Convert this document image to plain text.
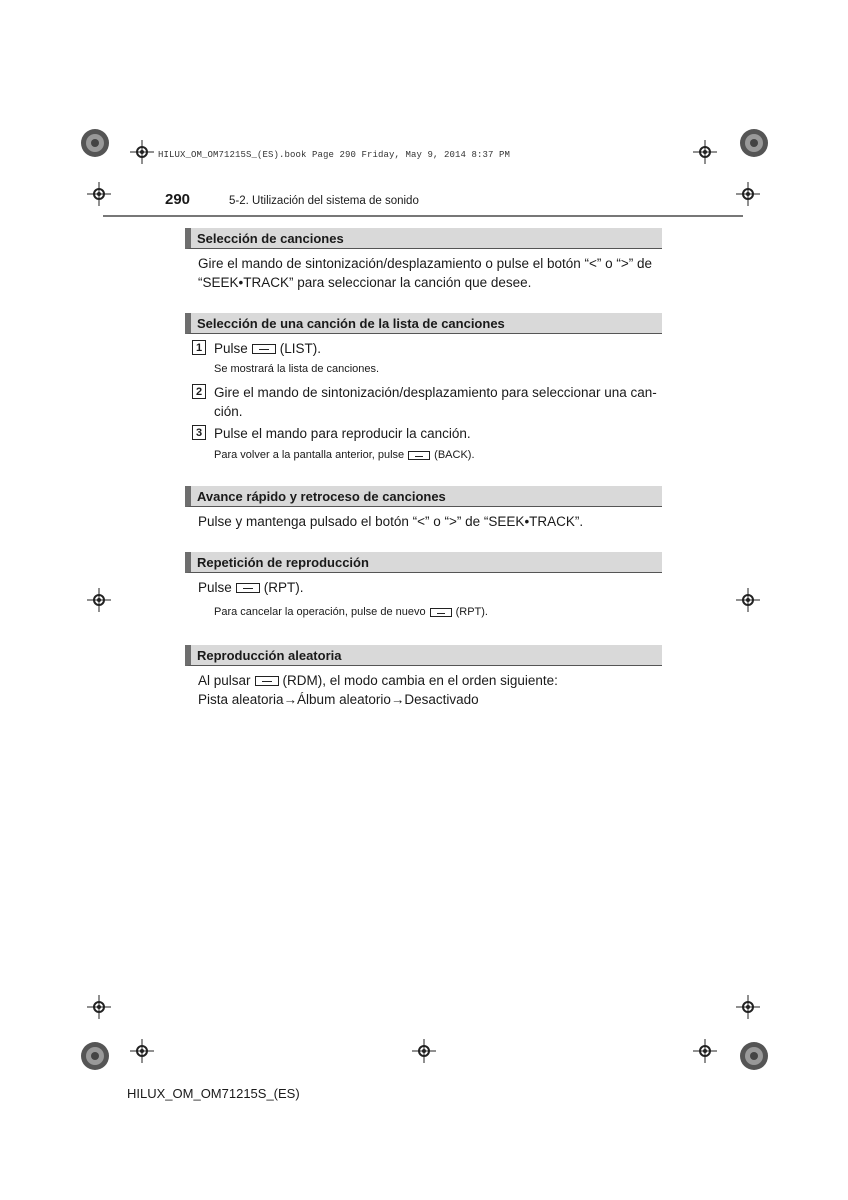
HILUX_OM_OM71215S_(ES).book Page 290 Friday, May 9, 2014 8:37 PM
290	5-2. Utilización del sistema de sonido
Selección de canciones
Gire el mando de sintonización/desplazamiento o pulse el botón “<” o “>” de
“SEEK•TRACK” para seleccionar la canción que desee.
Selección de una canción de la lista de canciones
1 Pulse (LIST).
Se mostrará la lista de canciones.
2 Gire el mando de sintonización/desplazamiento para seleccionar una can-
ción.
3 Pulse el mando para reproducir la canción.
Para volver a la pantalla anterior, pulse	(BACK).
Avance rápido y retroceso de canciones
Pulse y mantenga pulsado el botón “<” o “>” de “SEEK•TRACK”.
Repetición de reproducción
Pulse (RPT).
Para cancelar la operación, pulse de nuevo	(RPT).
Reproducción aleatoria
Al pulsar (RDM), el modo cambia en el orden siguiente:
Pista aleatoria→Álbum aleatorio→Desactivado
HILUX_OM_OM71215S_(ES)
